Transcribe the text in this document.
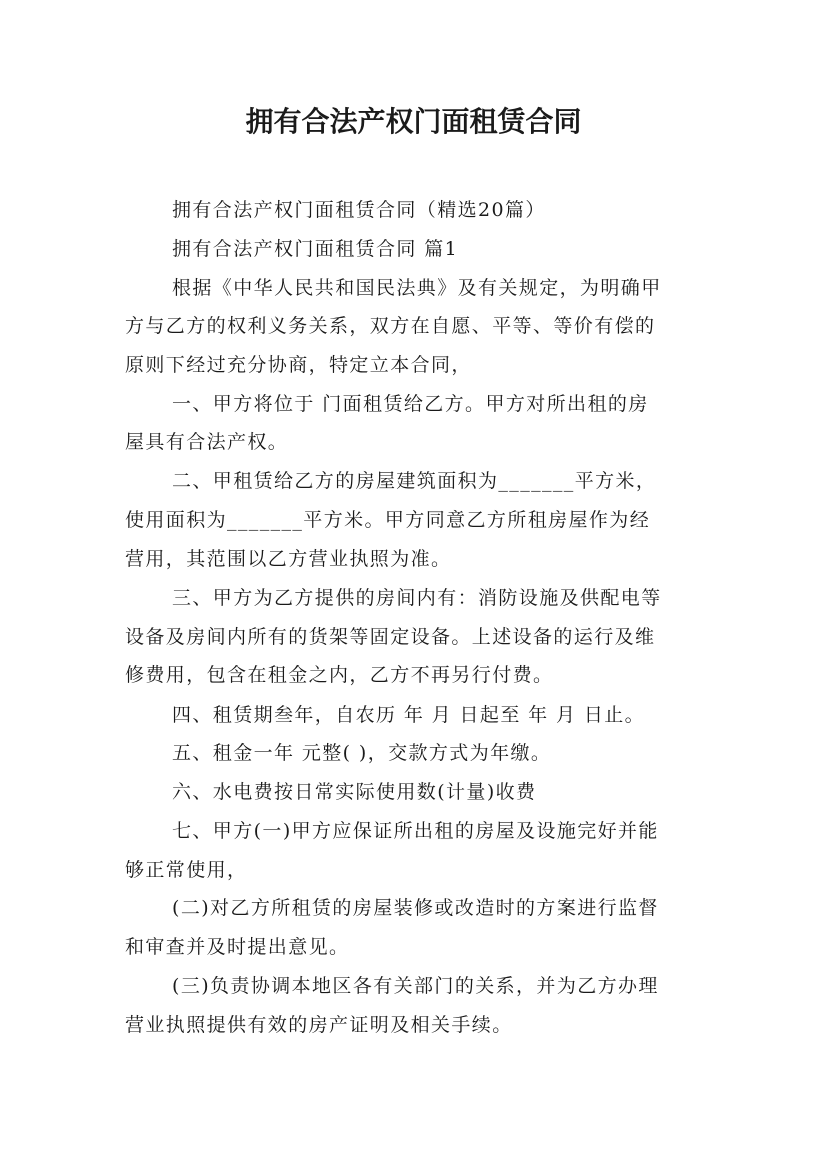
拥有合法产权门面租赁合同
拥有合法产权门面租赁合同（精选20篇）
拥有合法产权门面租赁合同 篇1
根据《中华人民共和国民法典》及有关规定，为明确甲
方与乙方的权利义务关系，双方在自愿、平等、等价有偿的
原则下经过充分协商，特定立本合同，
一、甲方将位于 门面租赁给乙方。甲方对所出租的房
屋具有合法产权。
二、甲租赁给乙方的房屋建筑面积为_______平方米，
使用面积为_______平方米。甲方同意乙方所租房屋作为经
营用，其范围以乙方营业执照为准。
三、甲方为乙方提供的房间内有：消防设施及供配电等
设备及房间内所有的货架等固定设备。上述设备的运行及维
修费用，包含在租金之内，乙方不再另行付费。
四、租赁期叁年，自农历 年 月 日起至 年 月 日止。
五、租金一年 元整( )，交款方式为年缴。
六、水电费按日常实际使用数(计量)收费
七、甲方(一)甲方应保证所出租的房屋及设施完好并能
够正常使用，
(二)对乙方所租赁的房屋装修或改造时的方案进行监督
和审查并及时提出意见。
(三)负责协调本地区各有关部门的关系，并为乙方办理
营业执照提供有效的房产证明及相关手续。
